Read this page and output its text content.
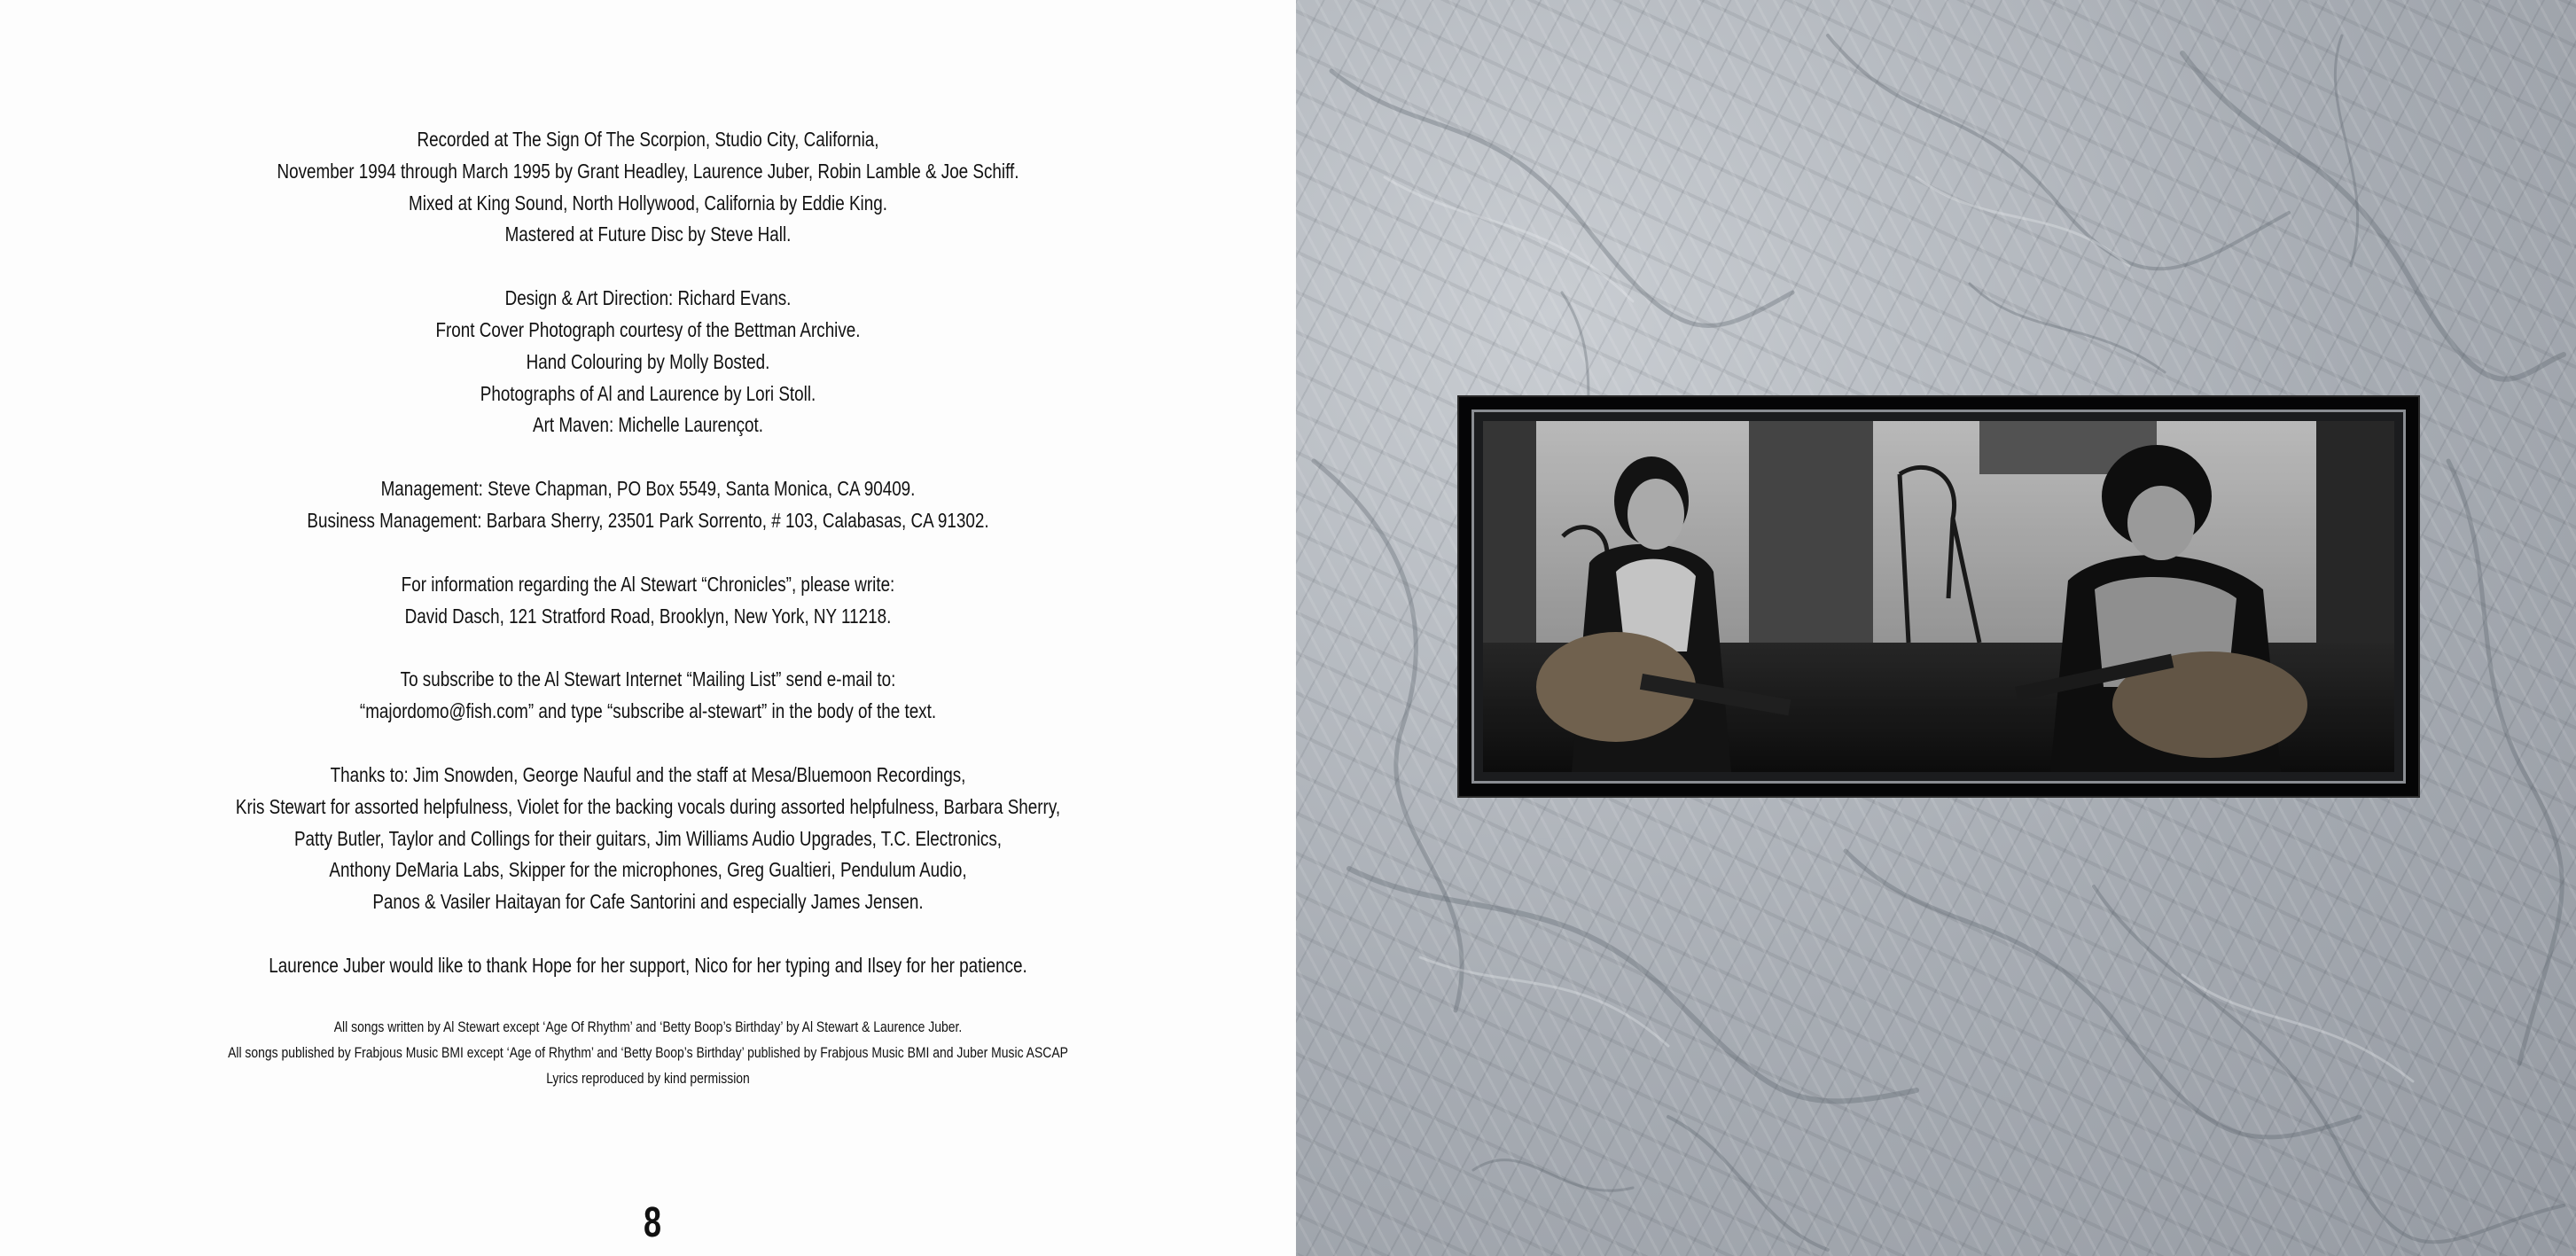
Recorded at The Sign Of The Scorpion, Studio City, California,
November 1994 through March 1995 by Grant Headley, Laurence Juber, Robin Lamble & Joe Schiff.
Mixed at King Sound, North Hollywood, California by Eddie King.
Mastered at Future Disc by Steve Hall.
Design & Art Direction: Richard Evans.
Front Cover Photograph courtesy of the Bettman Archive.
Hand Colouring by Molly Bosted.
Photographs of Al and Laurence by Lori Stoll.
Art Maven: Michelle Laurençot.
Management: Steve Chapman, PO Box 5549, Santa Monica, CA 90409.
Business Management: Barbara Sherry, 23501 Park Sorrento, # 103, Calabasas, CA 91302.
For information regarding the Al Stewart “Chronicles”, please write:
David Dasch, 121 Stratford Road, Brooklyn, New York, NY 11218.
To subscribe to the Al Stewart Internet “Mailing List” send e-mail to:
“majordomo@fish.com” and type “subscribe al-stewart” in the body of the text.
Thanks to: Jim Snowden, George Nauful and the staff at Mesa/Bluemoon Recordings,
Kris Stewart for assorted helpfulness, Violet for the backing vocals during assorted helpfulness, Barbara Sherry,
Patty Butler, Taylor and Collings for their guitars, Jim Williams Audio Upgrades, T.C. Electronics,
Anthony DeMaria Labs, Skipper for the microphones, Greg Gualtieri, Pendulum Audio,
Panos & Vasiler Haitayan for Cafe Santorini and especially James Jensen.
Laurence Juber would like to thank Hope for her support, Nico for her typing and Ilsey for her patience.
All songs written by Al Stewart except ‘Age Of Rhythm’ and ‘Betty Boop’s Birthday’ by Al Stewart & Laurence Juber.
All songs published by Frabjous Music BMI except ‘Age of Rhythm’ and ‘Betty Boop’s Birthday’ published by Frabjous Music BMI and Juber Music ASCAP
Lyrics reproduced by kind permission
8
